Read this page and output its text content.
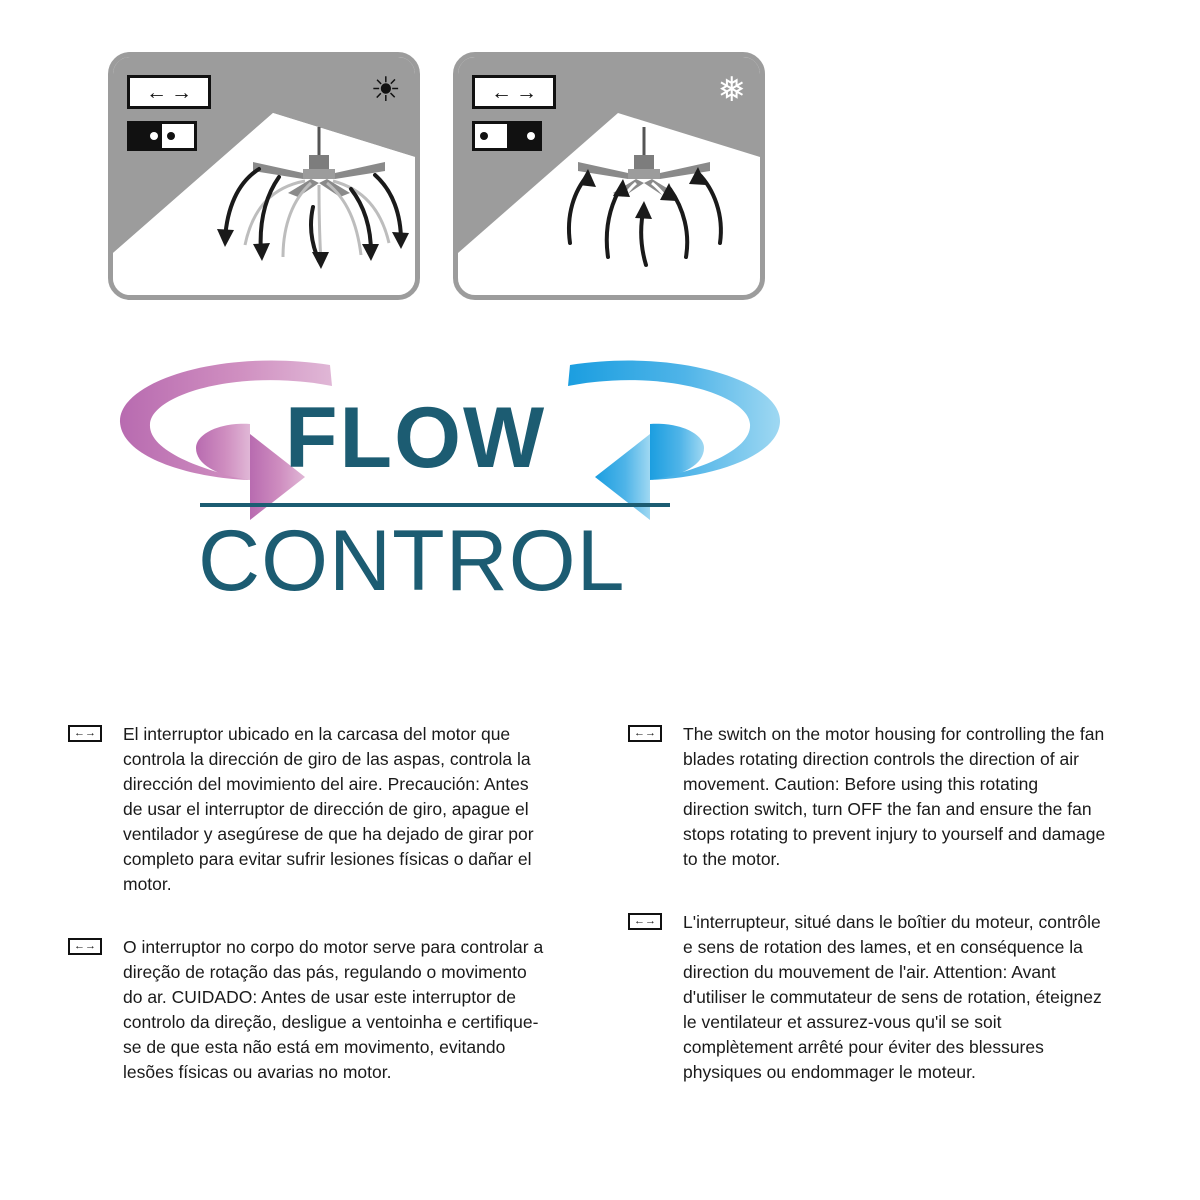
← →	☀	← →	❅
FLOW
CONTROL
←→	El interruptor ubicado en la carcasa del motor que controla la dirección de giro de las aspas, controla la dirección del movimiento del aire. Precaución: Antes de usar el interruptor de dirección de giro, apague el ventilador y asegúrese de que ha dejado de girar por completo para evitar sufrir lesiones físicas o dañar el motor.

←→	O interruptor no corpo do motor serve para controlar a direção de rotação das pás, regulando o movimento do ar. CUIDADO: Antes de usar este interruptor de controlo da direção, desligue a ventoinha e certifique-se de que esta não está em movimento, evitando lesões físicas ou avarias no motor.

←→	The switch on the motor housing for controlling the fan blades rotating direction controls the direction of air movement. Caution: Before using this rotating direction switch, turn OFF the fan and ensure the fan stops rotating to prevent injury to yourself and damage to the motor.

←→	L'interrupteur, situé dans le boîtier du moteur, contrôle e sens de rotation des lames, et en conséquence la direction du mouvement de l'air. Attention: Avant d'utiliser le commutateur de sens de rotation, éteignez le ventilateur et assurez-vous qu'il se soit complètement arrêté pour éviter des blessures physiques ou endommager le moteur.
